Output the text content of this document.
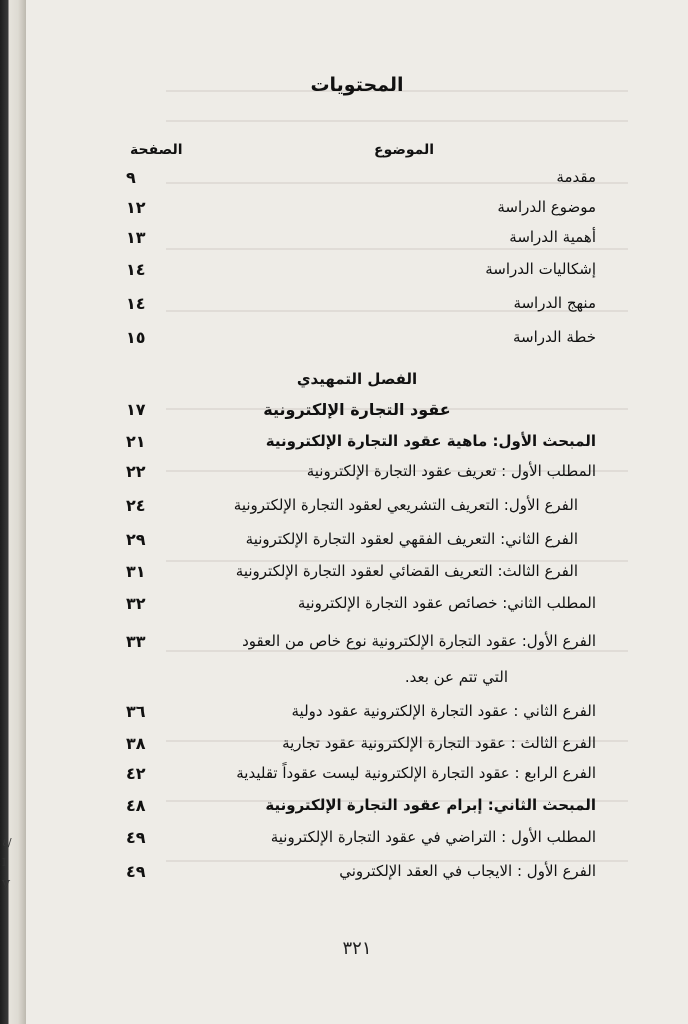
٤/
I
V
المحتويات
الموضوع
الصفحة
مقدمة
٩
موضوع الدراسة
١٢
أهمية الدراسة
١٣
إشكاليات الدراسة
١٤
منهج الدراسة
١٤
خطة الدراسة
١٥
الفصل التمهيدي
عقود التجارة الإلكترونية
١٧
المبحث الأول: ماهية عقود التجارة الإلكترونية
٢١
المطلب الأول : تعريف عقود التجارة الإلكترونية
٢٢
الفرع الأول: التعريف التشريعي لعقود التجارة الإلكترونية
٢٤
الفرع الثاني: التعريف الفقهي لعقود التجارة الإلكترونية
٢٩
الفرع الثالث: التعريف القضائي لعقود التجارة الإلكترونية
٣١
المطلب الثاني: خصائص عقود التجارة الإلكترونية
٣٢
الفرع الأول: عقود التجارة الإلكترونية نوع خاص من العقود
٣٣
التي تتم عن بعد.
الفرع الثاني : عقود التجارة الإلكترونية عقود دولية
٣٦
الفرع الثالث : عقود التجارة الإلكترونية عقود تجارية
٣٨
الفرع الرابع : عقود التجارة الإلكترونية ليست عقوداً تقليدية
٤٢
المبحث الثاني: إبرام عقود التجارة الإلكترونية
٤٨
المطلب الأول : التراضي في عقود التجارة الإلكترونية
٤٩
الفرع الأول : الايجاب في العقد الإلكتروني
٤٩
٣٢١
